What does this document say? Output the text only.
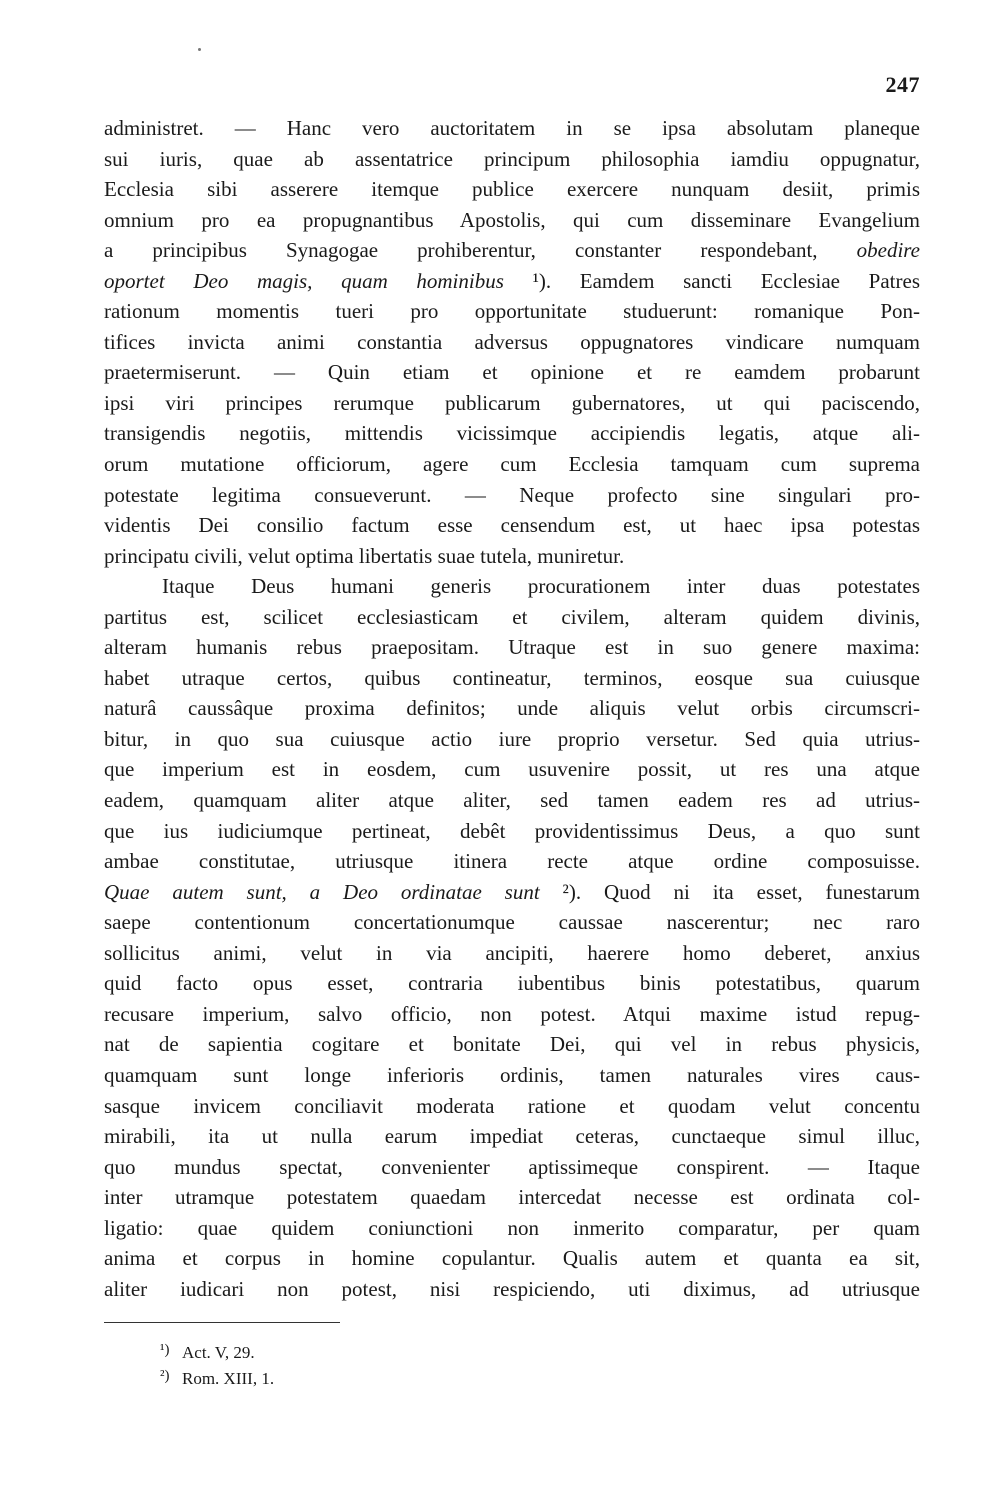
247
administret. — Hanc vero auctoritatem in se ipsa absolutam planeque
sui iuris, quae ab assentatrice principum philosophia iamdiu oppugnatur,
Ecclesia sibi asserere itemque publice exercere nunquam desiit, primis
omnium pro ea propugnantibus Apostolis, qui cum disseminare Evangelium
a principibus Synagogae prohiberentur, constanter respondebant, obedire
oportet Deo magis, quam hominibus ¹). Eamdem sancti Ecclesiae Patres
rationum momentis tueri pro opportunitate studuerunt: romanique Pon-
tifices invicta animi constantia adversus oppugnatores vindicare numquam
praetermiserunt. — Quin etiam et opinione et re eamdem probarunt
ipsi viri principes rerumque publicarum gubernatores, ut qui paciscendo,
transigendis negotiis, mittendis vicissimque accipiendis legatis, atque ali-
orum mutatione officiorum, agere cum Ecclesia tamquam cum suprema
potestate legitima consueverunt. — Neque profecto sine singulari pro-
videntis Dei consilio factum esse censendum est, ut haec ipsa potestas
principatu civili, velut optima libertatis suae tutela, muniretur.
Itaque Deus humani generis procurationem inter duas potestates
partitus est, scilicet ecclesiasticam et civilem, alteram quidem divinis,
alteram humanis rebus praepositam. Utraque est in suo genere maxima:
habet utraque certos, quibus contineatur, terminos, eosque sua cuiusque
naturâ caussâque proxima definitos; unde aliquis velut orbis circumscri-
bitur, in quo sua cuiusque actio iure proprio versetur. Sed quia utrius-
que imperium est in eosdem, cum usuvenire possit, ut res una atque
eadem, quamquam aliter atque aliter, sed tamen eadem res ad utrius-
que ius iudiciumque pertineat, debêt providentissimus Deus, a quo sunt
ambae constitutae, utriusque itinera recte atque ordine composuisse.
Quae autem sunt, a Deo ordinatae sunt ²). Quod ni ita esset, funestarum
saepe contentionum concertationumque caussae nascerentur; nec raro
sollicitus animi, velut in via ancipiti, haerere homo deberet, anxius
quid facto opus esset, contraria iubentibus binis potestatibus, quarum
recusare imperium, salvo officio, non potest. Atqui maxime istud repug-
nat de sapientia cogitare et bonitate Dei, qui vel in rebus physicis,
quamquam sunt longe inferioris ordinis, tamen naturales vires caus-
sasque invicem conciliavit moderata ratione et quodam velut concentu
mirabili, ita ut nulla earum impediat ceteras, cunctaeque simul illuc,
quo mundus spectat, convenienter aptissimeque conspirent. — Itaque
inter utramque potestatem quaedam intercedat necesse est ordinata col-
ligatio: quae quidem coniunctioni non inmerito comparatur, per quam
anima et corpus in homine copulantur. Qualis autem et quanta ea sit,
aliter iudicari non potest, nisi respiciendo, uti diximus, ad utriusque
¹) Act. V, 29.
²) Rom. XIII, 1.
